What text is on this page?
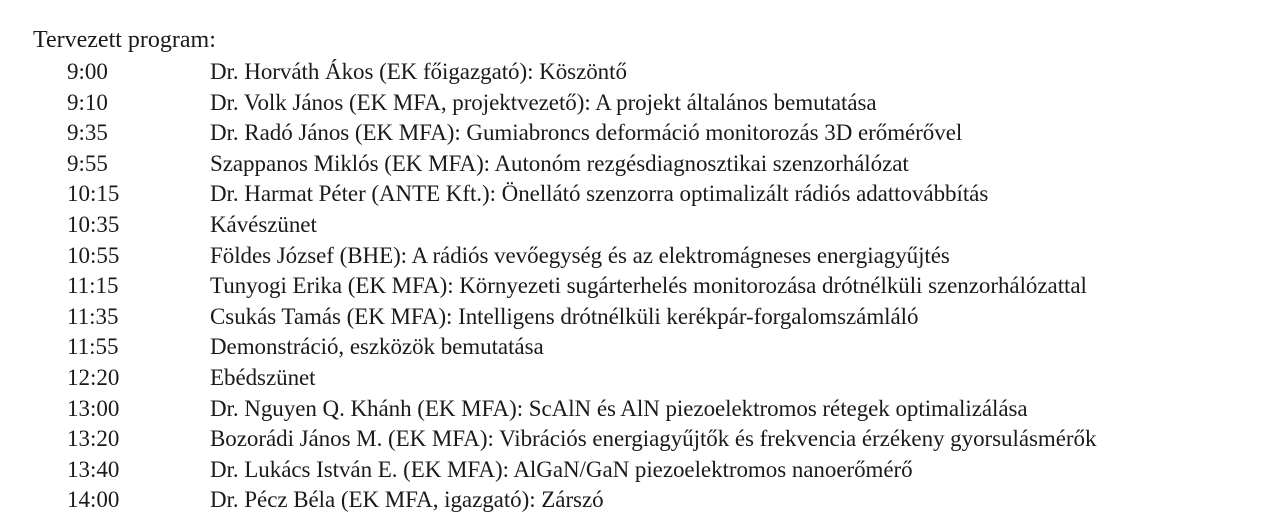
Tervezett program:
9:00	Dr. Horváth Ákos (EK főigazgató): Köszöntő
9:10	Dr. Volk János (EK MFA, projektvezető): A projekt általános bemutatása
9:35	Dr. Radó János (EK MFA): Gumiabroncs deformáció monitorozás 3D erőmérővel
9:55	Szappanos Miklós (EK MFA): Autonóm rezgésdiagnosztikai szenzorhálózat
10:15	Dr. Harmat Péter (ANTE Kft.): Önellátó szenzorra optimalizált rádiós adattovábbítás
10:35	Kávészünet
10:55	Földes József (BHE): A rádiós vevőegység és az elektromágneses energiagyűjtés
11:15	Tunyogi Erika (EK MFA): Környezeti sugárterhelés monitorozása drótnélküli szenzorhálózattal
11:35	Csukás Tamás (EK MFA): Intelligens drótnélküli kerékpár-forgalomszámláló
11:55	Demonstráció, eszközök bemutatása
12:20	Ebédszünet
13:00	Dr. Nguyen Q. Khánh (EK MFA): ScAlN és AlN piezoelektromos rétegek optimalizálása
13:20	Bozorádi János M. (EK MFA): Vibrációs energiagyűjtők és frekvencia érzékeny gyorsulásmérők
13:40	Dr. Lukács István E. (EK MFA): AlGaN/GaN piezoelektromos nanoerőmérő
14:00	Dr. Pécz Béla (EK MFA, igazgató): Zárszó
